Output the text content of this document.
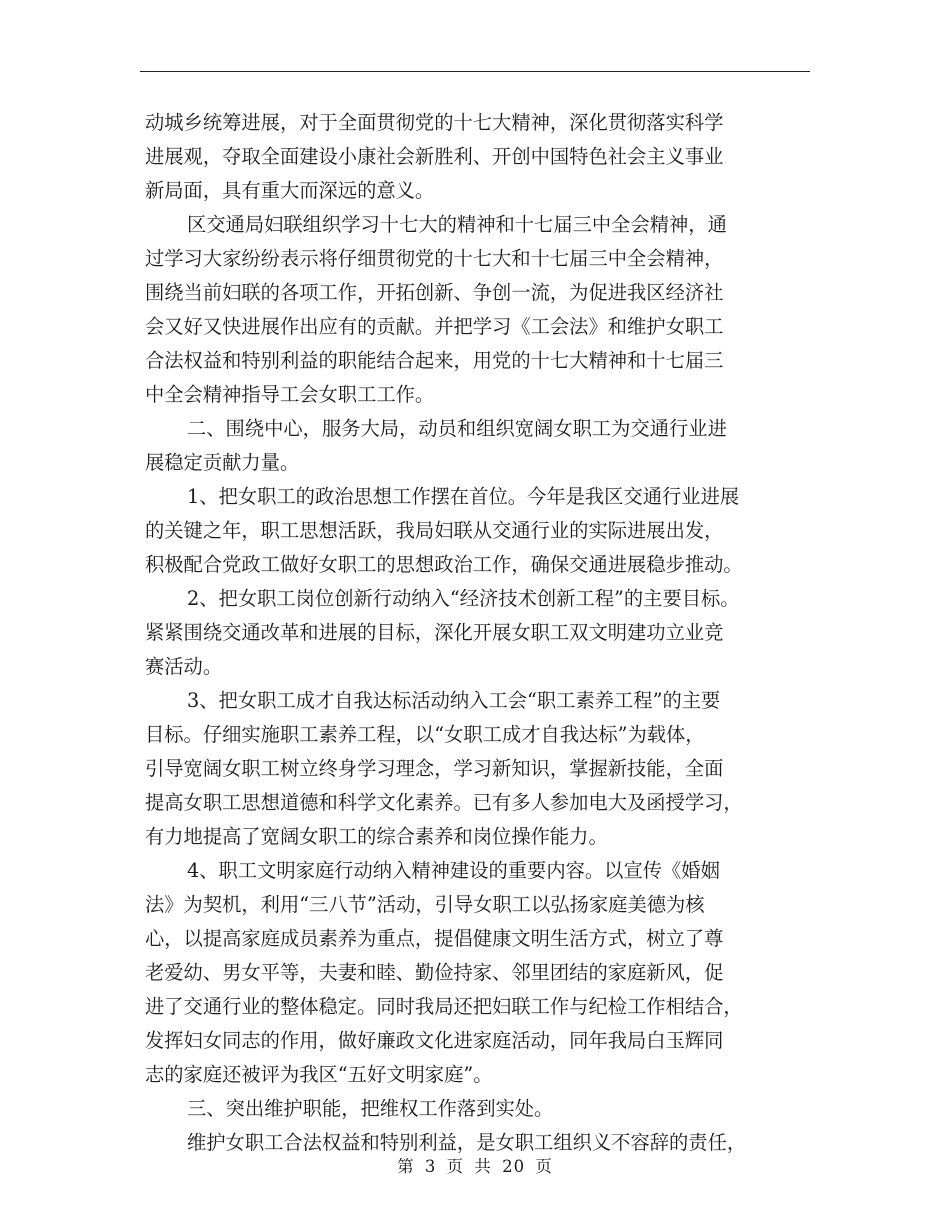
动城乡统筹进展，对于全面贯彻党的十七大精神，深化贯彻落实科学
进展观，夺取全面建设小康社会新胜利、开创中国特色社会主义事业
新局面，具有重大而深远的意义。
区交通局妇联组织学习十七大的精神和十七届三中全会精神，通
过学习大家纷纷表示将仔细贯彻党的十七大和十七届三中全会精神，
围绕当前妇联的各项工作，开拓创新、争创一流，为促进我区经济社
会又好又快进展作出应有的贡献。并把学习《工会法》和维护女职工
合法权益和特别利益的职能结合起来，用党的十七大精神和十七届三
中全会精神指导工会女职工工作。
二、围绕中心，服务大局，动员和组织宽阔女职工为交通行业进
展稳定贡献力量。
1、把女职工的政治思想工作摆在首位。今年是我区交通行业进展
的关键之年，职工思想活跃，我局妇联从交通行业的实际进展出发，
积极配合党政工做好女职工的思想政治工作，确保交通进展稳步推动。
2、把女职工岗位创新行动纳入“经济技术创新工程”的主要目标。
紧紧围绕交通改革和进展的目标，深化开展女职工双文明建功立业竞
赛活动。
3、把女职工成才自我达标活动纳入工会“职工素养工程”的主要
目标。仔细实施职工素养工程，以“女职工成才自我达标”为载体，
引导宽阔女职工树立终身学习理念，学习新知识，掌握新技能，全面
提高女职工思想道德和科学文化素养。已有多人参加电大及函授学习，
有力地提高了宽阔女职工的综合素养和岗位操作能力。
4、职工文明家庭行动纳入精神建设的重要内容。以宣传《婚姻
法》为契机，利用“三八节”活动，引导女职工以弘扬家庭美德为核
心，以提高家庭成员素养为重点，提倡健康文明生活方式，树立了尊
老爱幼、男女平等，夫妻和睦、勤俭持家、邻里团结的家庭新风，促
进了交通行业的整体稳定。同时我局还把妇联工作与纪检工作相结合，
发挥妇女同志的作用，做好廉政文化进家庭活动，同年我局白玉辉同
志的家庭还被评为我区“五好文明家庭”。
三、突出维护职能，把维权工作落到实处。
维护女职工合法权益和特别利益，是女职工组织义不容辞的责任，
第 3 页 共 20 页
